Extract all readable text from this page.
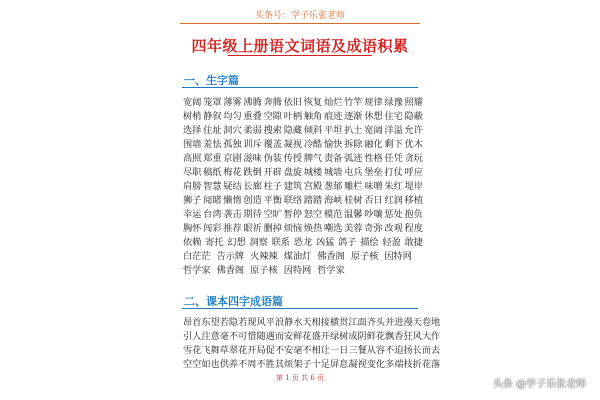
头条号：学子乐张老师
四年级上册语文词语及成语积累
一、生字篇
宽阔 笼罩 薄雾 沸腾 奔腾 依旧 恢复 灿烂 竹竿 规律 绿豫 照耀
树梢 静叙 均匀 重叠 空隙 叶柄 触角 痕迹 逐渐 休想 住宅 隐蔽
选择 住址 洞穴 柔弱 搜索 隐藏 倾斜 平坦 扒土 宽阔 洋溢 允许
围墙 羞怯 孤独 训斥 覆盖 凝视 冷酷 愉快 拆除 融化 剩下 优木
高照 郑重 京剧 滋味 伪装 传授 脾气 责备 弧迹 性格 任凭 贪玩
尽职 稿纸 梅花 跌倒 开辟 盘旋 城楼 城墙 屯兵 堡垒 打仗 呼应
肩膀 智慧 疑结 长廊 柱子 建筑 宫殿 葱郁 雕栏 味噌 朱红 堤岸
狮子 阅睹 懒惰 创造 平衡 联络 踏踏 海峡 桂树 否日 红润 移植
幸运 台湾 袭击 期待 空旷 暂停 怒空 模范 温馨 吵嚷 惩处 抱负
胸怀 闯彩 推荐 眼祈 删掉 烦恼 焕热 嘲选 美蓉 奇弥 改观 程度
依赖 寄托 幻想 洞察 联系 恐龙 凶猛 鸽子 描绘 轻盈 敢捷
白茫茫 告示牌 火辣辣 煤油灯 佛香阁 原子核 因特网
哲学家 佛香阁 原子核 因特网 哲学家
二、课本四字成语篇
昂首东望 若隐若现 风平浪静 水天相接 横贯江面 齐头并进 漫天卷地
引人注意 毫不可惜 随遇而安 鲜花盛开 绿树成阴 鲜花飘香 狂风大作
雪花飞舞 草翠花开 局促不安 毫不相让 一日三餐 从容不迫 扬长而去
空空如也 供养不周 不胜其烦 架子十足 屏息凝视 变化多端 枝折花落
第 1 页 共 6 页
头条 @学子乐张老师
